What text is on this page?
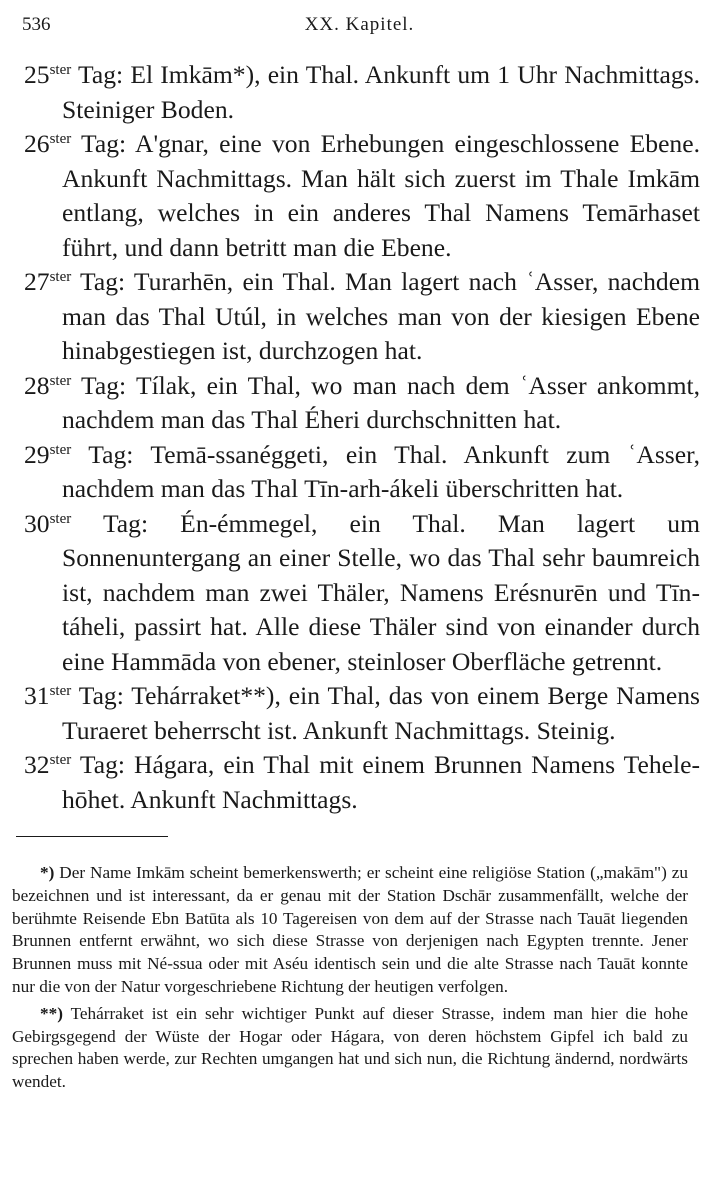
536	XX. Kapitel.

$25^{ster}$ Tag: El Imkām*), ein Thal. Ankunft um 1 Uhr Nachmittags. Steiniger Boden.

$26^{ster}$ Tag: A'gnar, eine von Erhebungen eingeschlossene Ebene. Ankunft Nachmittags. Man hält sich zuerst im Thale Imkām entlang, welches in ein anderes Thal Namens Temārhaset führt, und dann betritt man die Ebene.

$27^{ster}$ Tag: Turarhēn, ein Thal. Man lagert nach ʿAsser, nachdem man das Thal Utúl, in welches man von der kiesigen Ebene hinabgestiegen ist, durchzogen hat.

$28^{ster}$ Tag: Tílak, ein Thal, wo man nach dem ʿAsser ankommt, nachdem man das Thal Éheri durchschnitten hat.

$29^{ster}$ Tag: Temā-ssanéggeti, ein Thal. Ankunft zum ʿAsser, nachdem man das Thal Tīn-arh-ákeli überschritten hat.

$30^{ster}$ Tag: Én-émmegel, ein Thal. Man lagert um Sonnenuntergang an einer Stelle, wo das Thal sehr baumreich ist, nachdem man zwei Thäler, Namens Erésnurēn und Tīn-táheli, passirt hat. Alle diese Thäler sind von einander durch eine Hammāda von ebener, steinloser Oberfläche getrennt.

$31^{ster}$ Tag: Tehárraket**), ein Thal, das von einem Berge Namens Turaeret beherrscht ist. Ankunft Nachmittags. Steinig.

$32^{ster}$ Tag: Hágara, ein Thal mit einem Brunnen Namens Tehele-hōhet. Ankunft Nachmittags.

*) Der Name Imkām scheint bemerkenswerth; er scheint eine religiöse Station („makām") zu bezeichnen und ist interessant, da er genau mit der Station Dschār zusammenfällt, welche der berühmte Reisende Ebn Batūta als 10 Tagereisen von dem auf der Strasse nach Tauāt liegenden Brunnen entfernt erwähnt, wo sich diese Strasse von derjenigen nach Egypten trennte. Jener Brunnen muss mit Né-ssua oder mit Aséu identisch sein und die alte Strasse nach Tauāt konnte nur die von der Natur vorgeschriebene Richtung der heutigen verfolgen.

**) Tehárraket ist ein sehr wichtiger Punkt auf dieser Strasse, indem man hier die hohe Gebirgsgegend der Wüste der Hogar oder Hágara, von deren höchstem Gipfel ich bald zu sprechen haben werde, zur Rechten umgangen hat und sich nun, die Richtung ändernd, nordwärts wendet.
